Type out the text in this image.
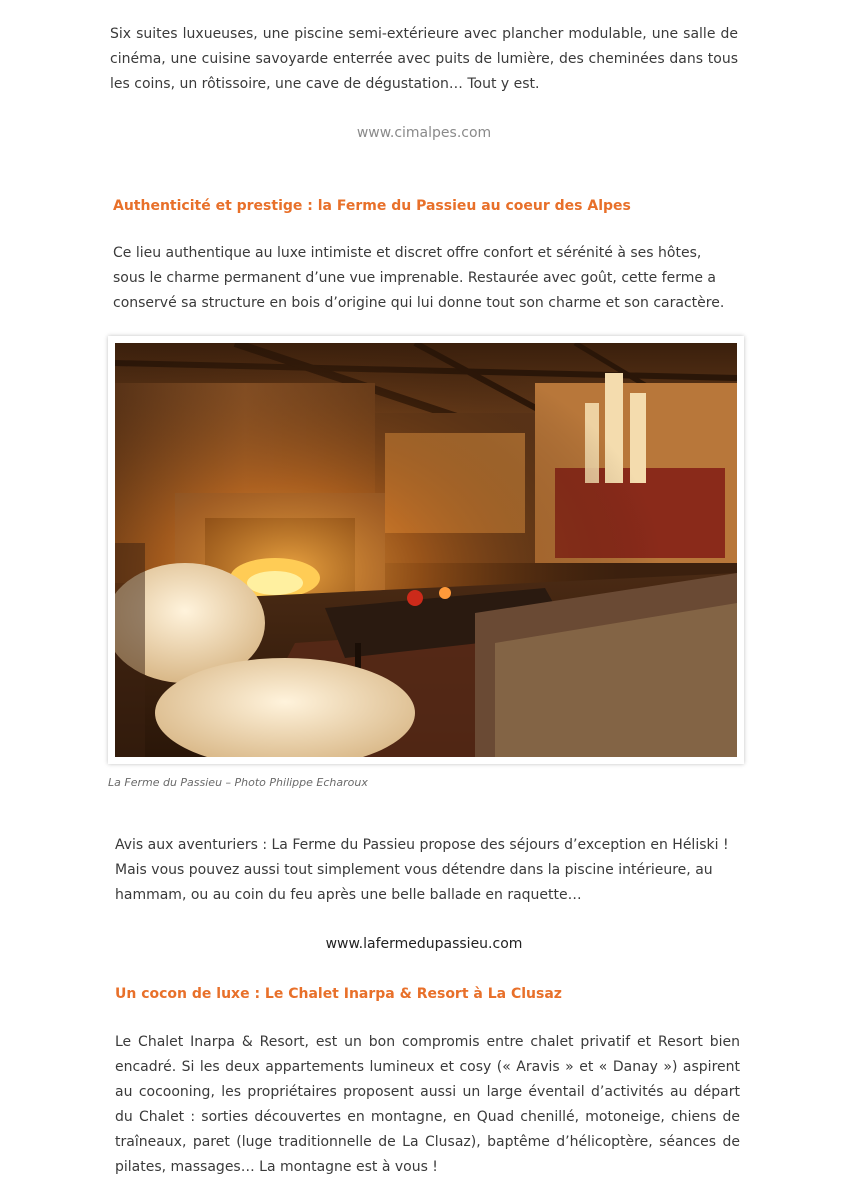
Six suites luxueuses, une piscine semi-extérieure avec plancher modulable, une salle de cinéma, une cuisine savoyarde enterrée avec puits de lumière, des cheminées dans tous les coins, un rôtissoire, une cave de dégustation… Tout y est.

www.cimalpes.com

Authenticité et prestige : la Ferme du Passieu au coeur des Alpes

Ce lieu authentique au luxe intimiste et discret offre confort et sérénité à ses hôtes, sous le charme permanent d’une vue imprenable. Restaurée avec goût, cette ferme a conservé sa structure en bois d’origine qui lui donne tout son charme et son caractère.

La Ferme du Passieu – Photo Philippe Echaroux

Avis aux aventuriers : La Ferme du Passieu propose des séjours d’exception en Héliski ! Mais vous pouvez aussi tout simplement vous détendre dans la piscine intérieure, au hammam, ou au coin du feu après une belle ballade en raquette…

www.lafermedupassieu.com

Un cocon de luxe : Le Chalet Inarpa & Resort à La Clusaz

Le Chalet Inarpa & Resort, est un bon compromis entre chalet privatif et Resort bien encadré. Si les deux appartements lumineux et cosy (« Aravis » et « Danay ») aspirent au cocooning, les propriétaires proposent aussi un large éventail d’activités au départ du Chalet : sorties découvertes en montagne, en Quad chenillé, motoneige, chiens de traîneaux, paret (luge traditionnelle de La Clusaz), baptême d’hélicoptère, séances de pilates, massages… La montagne est à vous !
